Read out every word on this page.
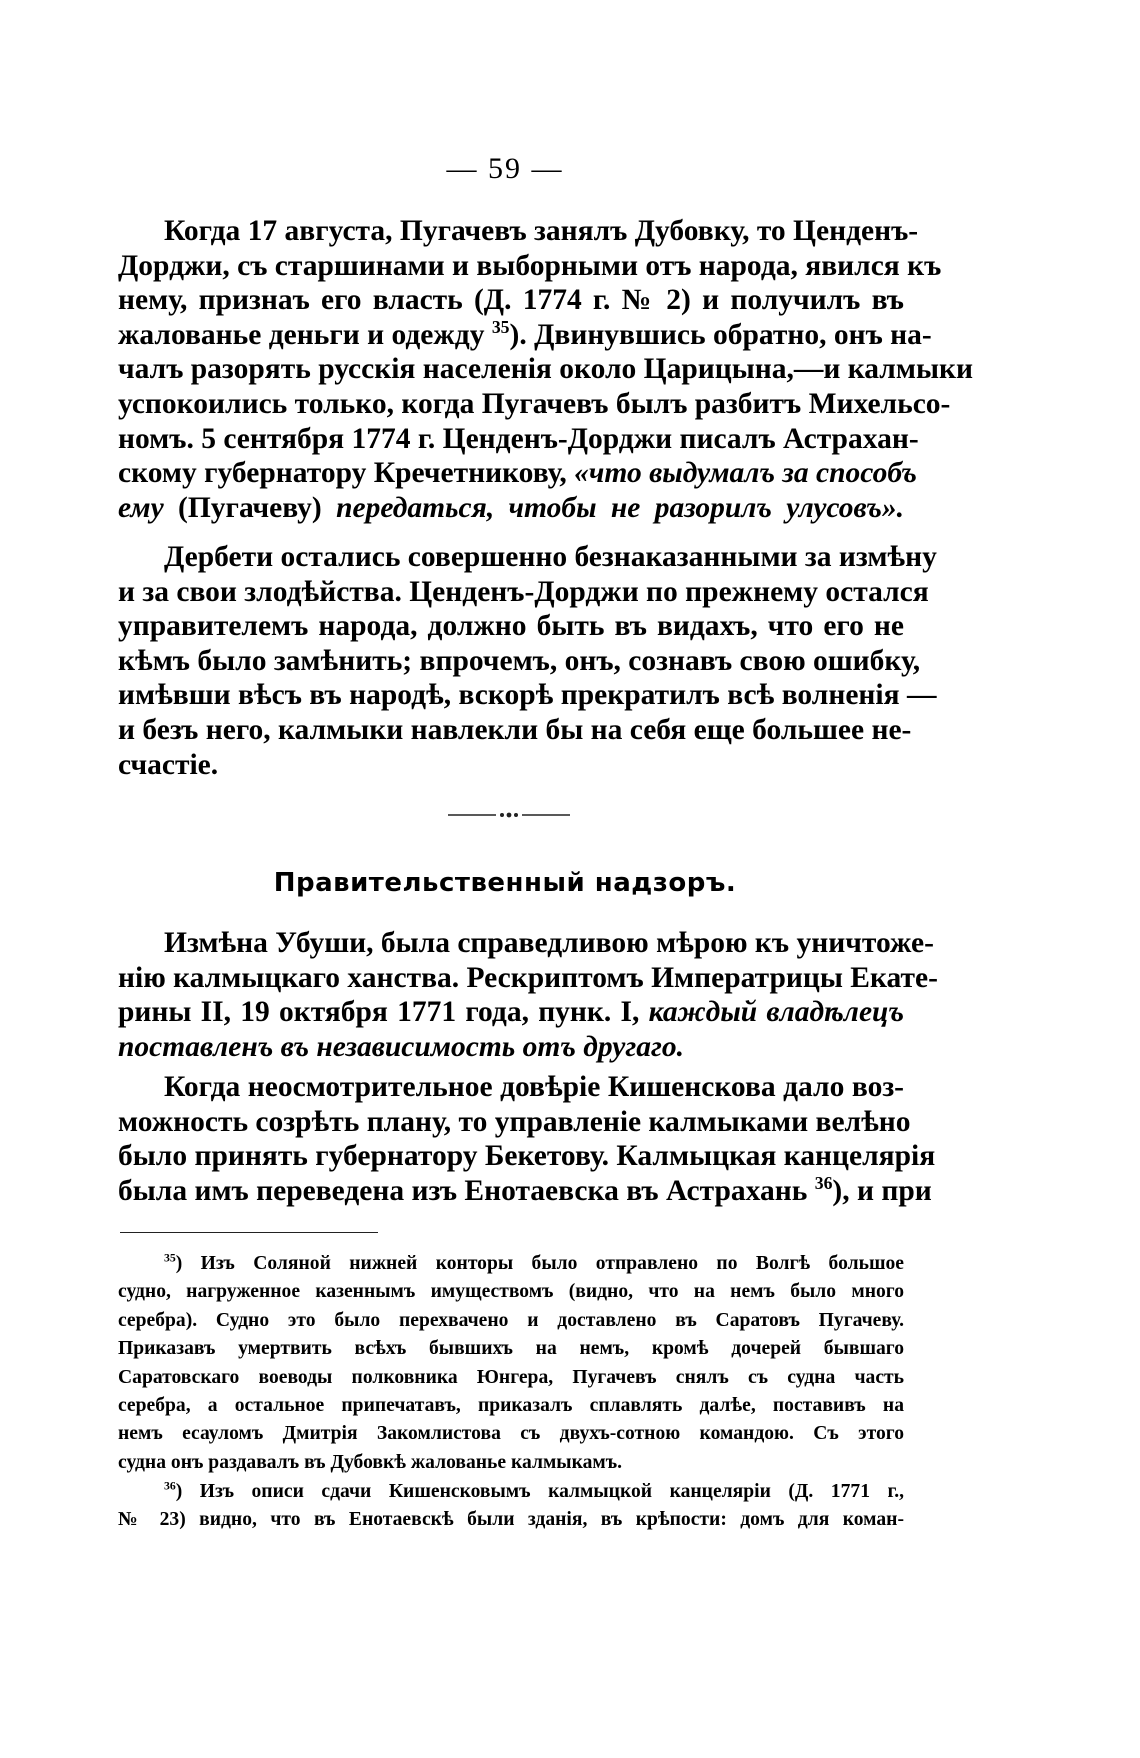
— 59 —
Когда 17 августа, Пугачевъ занялъ Дубовку, то Ценденъ-
Дорджи, съ старшинами и выборными отъ народа, явился къ
нему, признаъ его власть (Д. 1774 г. № 2) и получилъ въ
жалованье деньги и одежду $^{35}$). Двинувшись обратно, онъ на-
чалъ разорять русскія населенія около Царицына,—и калмыки
успокоились только, когда Пугачевъ былъ разбитъ Михельсо-
номъ. 5 сентября 1774 г. Ценденъ-Дорджи писалъ Астрахан-
скому губернатору Кречетникову, «что выдумалъ за способъ
ему (Пугачеву) передаться, чтобы не разорилъ улусовъ».
Дербети остались совершенно безнаказанными за измѣну
и за свои злодѣйства. Ценденъ-Дорджи по прежнему остался
управителемъ народа, должно быть въ видахъ, что его не
кѣмъ было замѣнить; впрочемъ, онъ, сознавъ свою ошибку,
имѣвши вѣсъ въ народѣ, вскорѣ прекратилъ всѣ волненія —
и безъ него, калмыки навлекли бы на себя еще большее не-
счастіе.
Правительственный надзоръ.
Измѣна Убуши, была справедливою мѣрою къ уничтоже-
нію калмыцкаго ханства. Рескриптомъ Императрицы Екате-
рины II, 19 октября 1771 года, пунк. I, каждый владѣлецъ
поставленъ въ независимость отъ другаго.
Когда неосмотрительное довѣріе Кишенскова дало воз-
можность созрѣть плану, то управленіе калмыками велѣно
было принять губернатору Бекетову. Калмыцкая канцелярія
была имъ переведена изъ Енотаевска въ Астрахань $^{36}$), и при
$^{35}$) Изъ Соляной нижней конторы было отправлено по Волгѣ большое
судно, нагруженное казеннымъ имуществомъ (видно, что на немъ было много
серебра). Судно это было перехвачено и доставлено въ Саратовъ Пугачеву.
Приказавъ умертвить всѣхъ бывшихъ на немъ, кромѣ дочерей бывшаго
Саратовскаго воеводы полковника Юнгера, Пугачевъ снялъ съ судна часть
серебра, а остальное припечатавъ, приказалъ сплавлять далѣе, поставивъ на
немъ есауломъ Дмитрія Закомлистова съ двухъ-сотною командою. Съ этого
судна онъ раздавалъ въ Дубовкѣ жалованье калмыкамъ.
$^{36}$) Изъ описи сдачи Кишенсковымъ калмыцкой канцеляріи (Д. 1771 г.,
№ 23) видно, что въ Енотаевскѣ были зданія, въ крѣпости: домъ для коман-
